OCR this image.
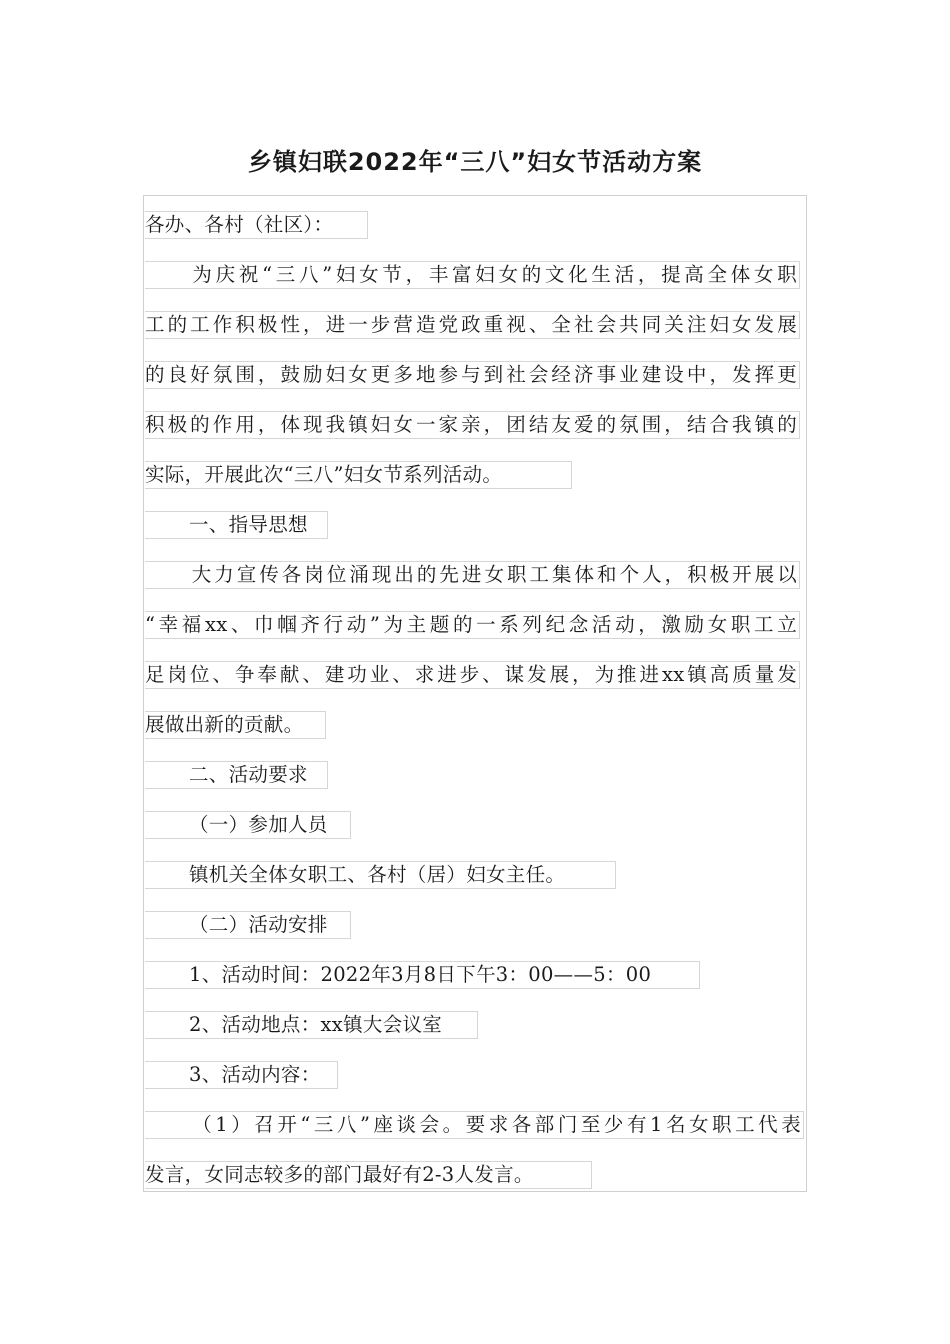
乡镇妇联2022年“三八”妇女节活动方案
各办、各村（社区）：
为庆祝“三八”妇女节，丰富妇女的文化生活，提高全体女职
工的工作积极性，进一步营造党政重视、全社会共同关注妇女发展
的良好氛围，鼓励妇女更多地参与到社会经济事业建设中，发挥更
积极的作用，体现我镇妇女一家亲，团结友爱的氛围，结合我镇的
实际，开展此次“三八”妇女节系列活动。
一、指导思想
大力宣传各岗位涌现出的先进女职工集体和个人，积极开展以
“幸福xx、巾帼齐行动”为主题的一系列纪念活动，激励女职工立
足岗位、争奉献、建功业、求进步、谋发展，为推进xx镇高质量发
展做出新的贡献。
二、活动要求
（一）参加人员
镇机关全体女职工、各村（居）妇女主任。
（二）活动安排
1、活动时间：2022年3月8日下午3：00——5：00
2、活动地点：xx镇大会议室
3、活动内容：
（1）召开“三八”座谈会。要求各部门至少有1名女职工代表
发言，女同志较多的部门最好有2-3人发言。
